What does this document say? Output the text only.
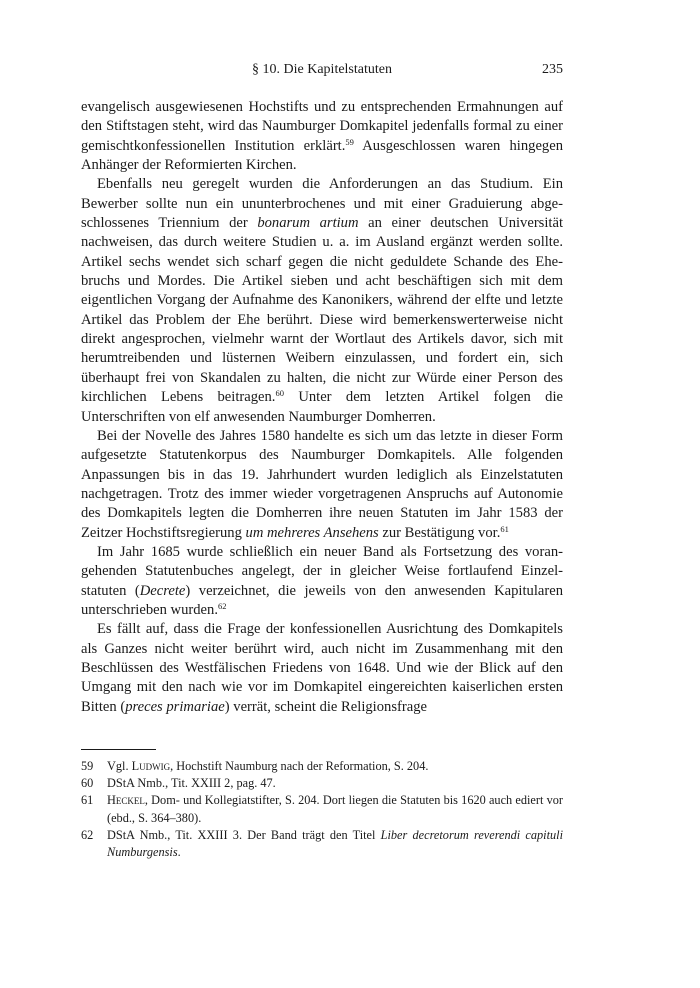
§ 10. Die Kapitelstatuten	235

evangelisch ausgewiesenen Hochstifts und zu entsprechenden Ermahnungen auf den Stiftstagen steht, wird das Naumburger Domkapitel jedenfalls formal zu einer gemischtkonfessionellen Institution erklärt.$^{59}$ Ausgeschlossen waren hingegen Anhänger der Reformierten Kirchen.

Ebenfalls neu geregelt wurden die Anforderungen an das Studium. Ein Bewerber sollte nun ein ununterbrochenes und mit einer Graduierung abgeschlossenes Triennium der bonarum artium an einer deutschen Universität nachweisen, das durch weitere Studien u. a. im Ausland ergänzt werden sollte. Artikel sechs wendet sich scharf gegen die nicht geduldete Schande des Ehebruchs und Mordes. Die Artikel sieben und acht beschäftigen sich mit dem eigentlichen Vorgang der Aufnahme des Kanonikers, während der elfte und letzte Artikel das Problem der Ehe berührt. Diese wird bemerkenswerterweise nicht direkt angesprochen, vielmehr warnt der Wortlaut des Artikels davor, sich mit herumtreibenden und lüsternen Weibern einzulassen, und fordert ein, sich überhaupt frei von Skandalen zu halten, die nicht zur Würde einer Person des kirchlichen Lebens beitragen.$^{60}$ Unter dem letzten Artikel folgen die Unterschriften von elf anwesenden Naumburger Domherren.

Bei der Novelle des Jahres 1580 handelte es sich um das letzte in dieser Form aufgesetzte Statutenkorpus des Naumburger Domkapitels. Alle folgenden Anpassungen bis in das 19. Jahrhundert wurden lediglich als Einzelstatuten nachgetragen. Trotz des immer wieder vorgetragenen Anspruchs auf Autonomie des Domkapitels legten die Domherren ihre neuen Statuten im Jahr 1583 der Zeitzer Hochstiftsregierung um mehreres Ansehens zur Bestätigung vor.$^{61}$

Im Jahr 1685 wurde schließlich ein neuer Band als Fortsetzung des vorangehenden Statutenbuches angelegt, der in gleicher Weise fortlaufend Einzelstatuten (Decrete) verzeichnet, die jeweils von den anwesenden Kapitularen unterschrieben wurden.$^{62}$

Es fällt auf, dass die Frage der konfessionellen Ausrichtung des Domkapitels als Ganzes nicht weiter berührt wird, auch nicht im Zusammenhang mit den Beschlüssen des Westfälischen Friedens von 1648. Und wie der Blick auf den Umgang mit den nach wie vor im Domkapitel eingereichten kaiserlichen ersten Bitten (preces primariae) verrät, scheint die Religionsfrage

59	Vgl. Ludwig, Hochstift Naumburg nach der Reformation, S. 204.
60	DStA Nmb., Tit. XXIII 2, pag. 47.
61	Heckel, Dom- und Kollegiatstifter, S. 204. Dort liegen die Statuten bis 1620 auch ediert vor (ebd., S. 364–380).
62	DStA Nmb., Tit. XXIII 3. Der Band trägt den Titel Liber decretorum reverendi capituli Numburgensis.
